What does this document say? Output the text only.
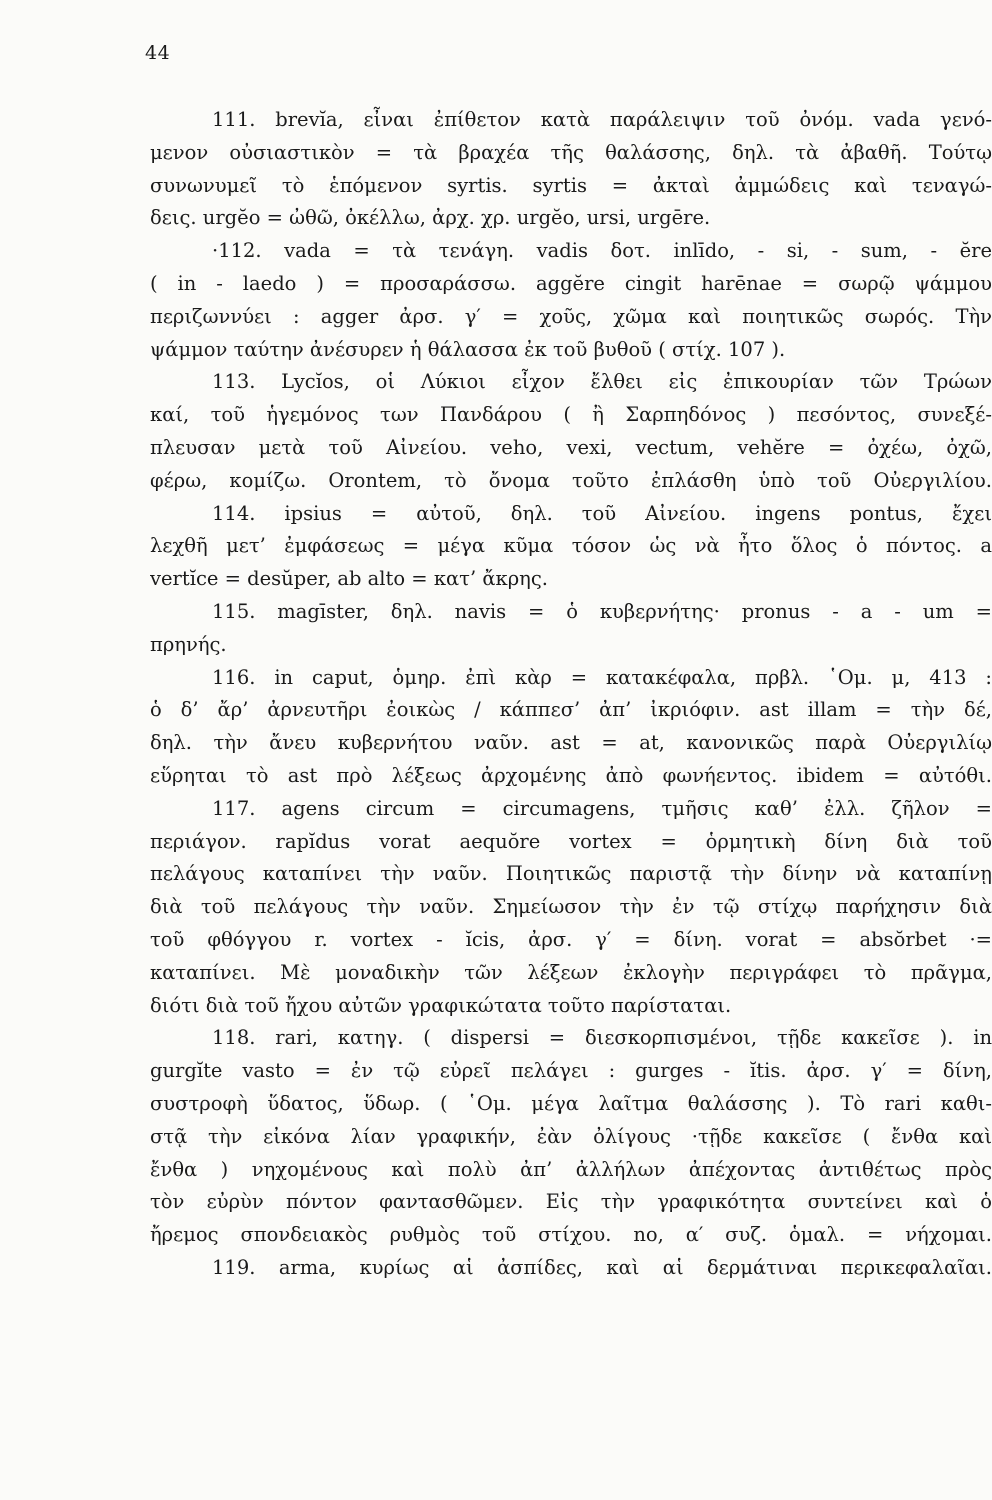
44
111. brevĭa, εἶναι ἐπίθετον κατὰ παράλειψιν τοῦ ὀνόμ. vada γενό-
μενον οὐσιαστικὸν = τὰ βραχέα τῆς θαλάσσης, δηλ. τὰ ἀβαθῆ. Τούτῳ
συνωνυμεῖ τὸ ἑπόμενον syrtis. syrtis = ἀκταὶ ἀμμώδεις καὶ τεναγώ-
δεις. urgĕo = ὠθῶ, ὀκέλλω, ἀρχ. χρ. urgĕo, ursi, urgēre.
·112. vada = τὰ τενάγη. vadis δοτ. inlīdo, - si, - sum, - ĕre
( in - laedo ) = προσαράσσω. aggĕre cingit harēnae = σωρῷ ψάμμου
περιζωννύει : agger ἀρσ. γ′ = χοῦς, χῶμα καὶ ποιητικῶς σωρός. Τὴν
ψάμμον ταύτην ἀνέσυρεν ἡ θάλασσα ἐκ τοῦ βυθοῦ ( στίχ. 107 ).
113. Lycĭos, οἱ Λύκιοι εἶχον ἔλθει εἰς ἐπικουρίαν τῶν Τρώων
καί, τοῦ ἡγεμόνος των Πανδάρου ( ἢ Σαρπηδόνος ) πεσόντος, συνεξέ-
πλευσαν μετὰ τοῦ Αἰνείου. veho, vexi, vectum, vehĕre = ὀχέω, ὀχῶ,
φέρω, κομίζω. Orontem, τὸ ὄνομα τοῦτο ἐπλάσθη ὑπὸ τοῦ Οὐεργιλίου.
114. ipsius = αὐτοῦ, δηλ. τοῦ Αἰνείου. ingens pontus, ἔχει
λεχθῆ μετ’ ἐμφάσεως = μέγα κῦμα τόσον ὡς νὰ ἦτο ὅλος ὁ πόντος. a
vertĭce = desŭper, ab alto = κατ’ ἄκρης.
115. magīster, δηλ. navis = ὁ κυβερνήτης· pronus - a - um =
πρηνής.
116. in caput, ὁμηρ. ἐπὶ κὰρ = κατακέφαλα, πρβλ. ῾Ομ. μ, 413 :
ὁ δ’ ἄρ’ ἀρνευτῆρι ἐοικὼς / κάππεσ’ ἀπ’ ἰκριόφιν. ast illam = τὴν δέ,
δηλ. τὴν ἄνευ κυβερνήτου ναῦν. ast = at, κανονικῶς παρὰ Οὐεργιλίῳ
εὕρηται τὸ ast πρὸ λέξεως ἀρχομένης ἀπὸ φωνήεντος. ibidem = αὐτόθι.
117. agens circum = circumagens, τμῆσις καθ’ ἐλλ. ζῆλον =
περιάγον. rapĭdus vorat aequŏre vortex = ὁρμητικὴ δίνη διὰ τοῦ
πελάγους καταπίνει τὴν ναῦν. Ποιητικῶς παριστᾷ τὴν δίνην νὰ καταπίνῃ
διὰ τοῦ πελάγους τὴν ναῦν. Σημείωσον τὴν ἐν τῷ στίχῳ παρήχησιν διὰ
τοῦ φθόγγου r. vortex - ĭcis, ἀρσ. γ′ = δίνη. vorat = absŏrbet ·=
καταπίνει. Μὲ μοναδικὴν τῶν λέξεων ἐκλογὴν περιγράφει τὸ πρᾶγμα,
διότι διὰ τοῦ ἤχου αὐτῶν γραφικώτατα τοῦτο παρίσταται.
118. rari, κατηγ. ( dispersi = διεσκορπισμένοι, τῇδε κακεῖσε ). in
gurgĭte vasto = ἐν τῷ εὐρεῖ πελάγει : gurges - ĭtis. ἀρσ. γ′ = δίνη,
συστροφὴ ὕδατος, ὕδωρ. ( ῾Ομ. μέγα λαῖτμα θαλάσσης ). Τὸ rari καθι-
στᾷ τὴν εἰκόνα λίαν γραφικήν, ἐὰν ὀλίγους ·τῇδε κακεῖσε ( ἔνθα καὶ
ἔνθα ) νηχομένους καὶ πολὺ ἀπ’ ἀλλήλων ἀπέχοντας ἀντιθέτως πρὸς
τὸν εὐρὺν πόντον φαντασθῶμεν. Εἰς τὴν γραφικότητα συντείνει καὶ ὁ
ἤρεμος σπονδειακὸς ρυθμὸς τοῦ στίχου. no, α′ συζ. ὁμαλ. = νήχομαι.
119. arma, κυρίως αἱ ἀσπίδες, καὶ αἱ δερμάτιναι περικεφαλαῖαι.
